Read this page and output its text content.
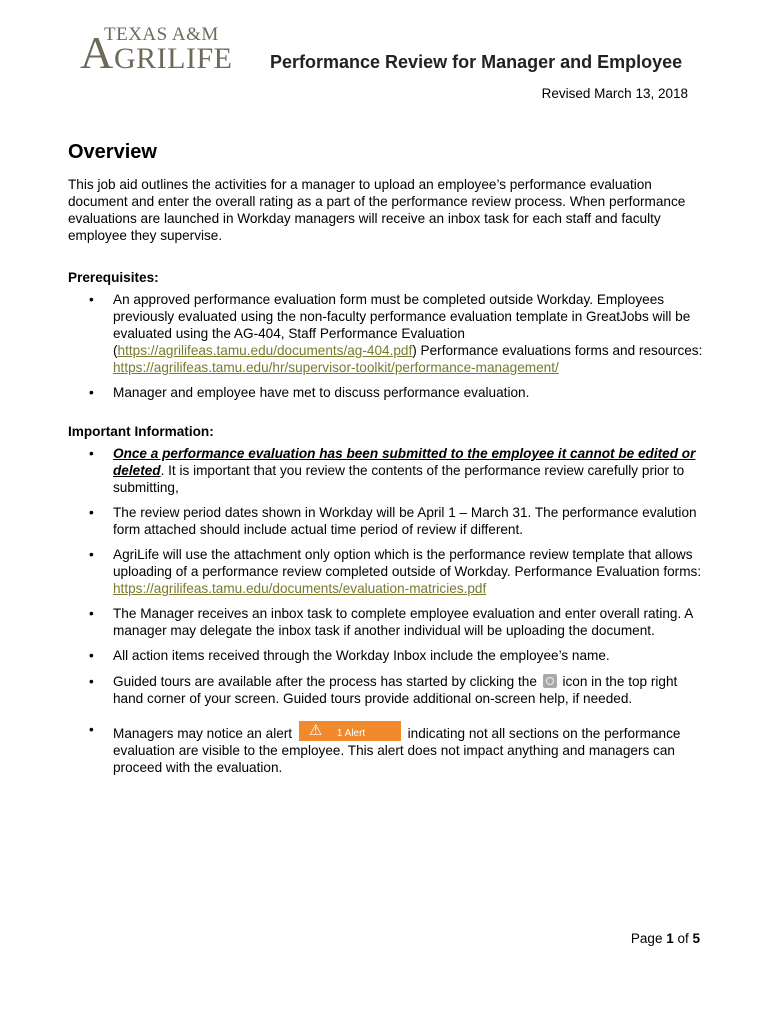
TEXAS A&M
A GRILIFE Performance Review for Manager and Employee
Revised March 13, 2018
Overview

This job aid outlines the activities for a manager to upload an employee’s performance evaluation document and enter the overall rating as a part of the performance review process. When performance evaluations are launched in Workday managers will receive an inbox task for each staff and faculty employee they supervise.

Prerequisites:

• An approved performance evaluation form must be completed outside Workday. Employees previously evaluated using the non-faculty performance evaluation template in GreatJobs will be evaluated using the AG-404, Staff Performance Evaluation (https://agrilifeas.tamu.edu/documents/ag-404.pdf) Performance evaluations forms and resources: https://agrilifeas.tamu.edu/hr/supervisor-toolkit/performance-management/
• Manager and employee have met to discuss performance evaluation.

Important Information:

• Once a performance evaluation has been submitted to the employee it cannot be edited or deleted. It is important that you review the contents of the performance review carefully prior to submitting,
• The review period dates shown in Workday will be April 1 – March 31. The performance evalution form attached should include actual time period of review if different.
• AgriLife will use the attachment only option which is the performance review template that allows uploading of a performance review completed outside of Workday. Performance Evaluation forms: https://agrilifeas.tamu.edu/documents/evaluation-matricies.pdf
• The Manager receives an inbox task to complete employee evaluation and enter overall rating. A manager may delegate the inbox task if another individual will be uploading the document.
• All action items received through the Workday Inbox include the employee’s name.
• Guided tours are available after the process has started by clicking the  icon in the top right hand corner of your screen. Guided tours provide additional on-screen help, if needed.
• Managers may notice an alert ⚠ 1 Alert	indicating not all sections on the performance evaluation are visible to the employee. This alert does not impact anything and managers can proceed with the evaluation.
Page 1 of 5
